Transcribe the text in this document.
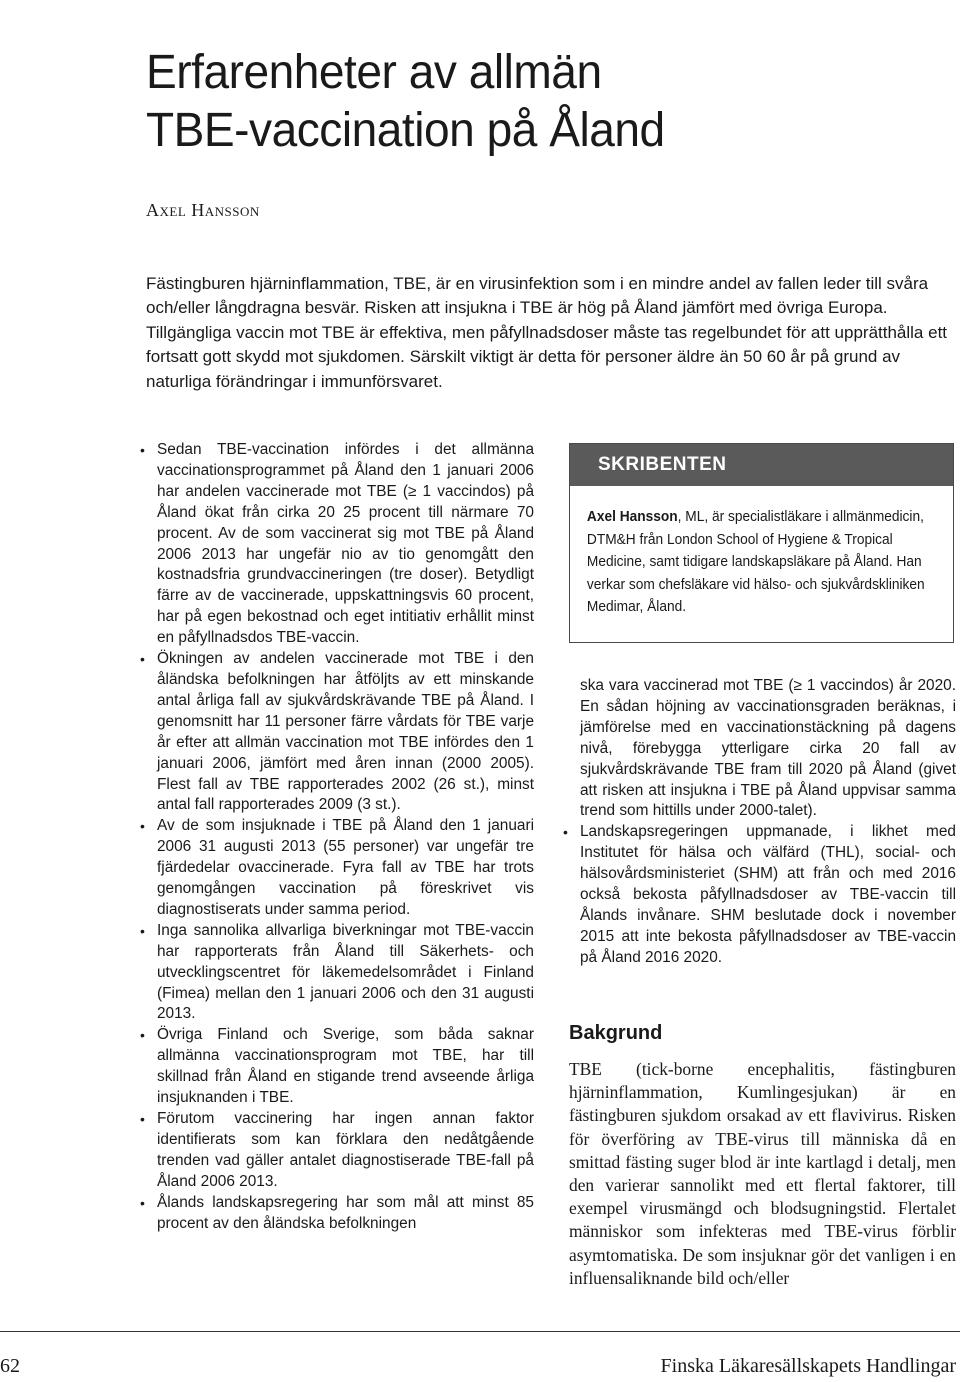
Erfarenheter av allmän
TBE-vaccination på Åland
Axel Hansson

Fästingburen hjärninflammation, TBE, är en virusinfektion som i en mindre andel av fallen leder till svåra och/eller långdragna besvär. Risken att insjukna i TBE är hög på Åland jämfört med övriga Europa. Tillgängliga vaccin mot TBE är effektiva, men påfyllnadsdoser måste tas regelbundet för att upprätthålla ett fortsatt gott skydd mot sjukdomen. Särskilt viktigt är detta för personer äldre än 50 60 år på grund av naturliga förändringar i immunförsvaret.

• Sedan TBE-vaccination infördes i det allmänna vaccinationsprogrammet på Åland den 1 januari 2006 har andelen vaccinerade mot TBE (≥ 1 vaccindos) på Åland ökat från cirka 20 25 procent till närmare 70 procent. Av de som vaccinerat sig mot TBE på Åland 2006 2013 har ungefär nio av tio genomgått den kostnadsfria grundvaccineringen (tre doser). Betydligt färre av de vaccinerade, uppskattningsvis 60 procent, har på egen bekostnad och eget intitiativ erhållit minst en påfyllnadsdos TBE-vaccin.
• Ökningen av andelen vaccinerade mot TBE i den åländska befolkningen har åtföljts av ett minskande antal årliga fall av sjukvårdskrävande TBE på Åland. I genomsnitt har 11 personer färre vårdats för TBE varje år efter att allmän vaccination mot TBE infördes den 1 januari 2006, jämfört med åren innan (2000 2005). Flest fall av TBE rapporterades 2002 (26 st.), minst antal fall rapporterades 2009 (3 st.).
• Av de som insjuknade i TBE på Åland den 1 januari 2006 31 augusti 2013 (55 personer) var ungefär tre fjärdedelar ovaccinerade. Fyra fall av TBE har trots genomgången vaccination på föreskrivet vis diagnostiserats under samma period.
• Inga sannolika allvarliga biverkningar mot TBE-vaccin har rapporterats från Åland till Säkerhets- och utvecklingscentret för läkemedelsområdet i Finland (Fimea) mellan den 1 januari 2006 och den 31 augusti 2013.
• Övriga Finland och Sverige, som båda saknar allmänna vaccinationsprogram mot TBE, har till skillnad från Åland en stigande trend avseende årliga insjuknanden i TBE.
• Förutom vaccinering har ingen annan faktor identifierats som kan förklara den nedåtgående trenden vad gäller antalet diagnostiserade TBE-fall på Åland 2006 2013.
• Ålands landskapsregering har som mål att minst 85 procent av den åländska befolkningen
SKRIBENTEN
Axel Hansson, ML, är specialistläkare i allmänmedicin, DTM&H från London School of Hygiene & Tropical Medicine, samt tidigare landskapsläkare på Åland. Han verkar som chefsläkare vid hälso- och sjukvårdskliniken Medimar, Åland.
ska vara vaccinerad mot TBE (≥ 1 vaccindos) år 2020. En sådan höjning av vaccinationsgraden beräknas, i jämförelse med en vaccinationstäckning på dagens nivå, förebygga ytterligare cirka 20 fall av sjukvårdskrävande TBE fram till 2020 på Åland (givet att risken att insjukna i TBE på Åland uppvisar samma trend som hittills under 2000-talet).
• Landskapsregeringen uppmanade, i likhet med Institutet för hälsa och välfärd (THL), social- och hälsovårdsministeriet (SHM) att från och med 2016 också bekosta påfyllnadsdoser av TBE-vaccin till Ålands invånare. SHM beslutade dock i november 2015 att inte bekosta påfyllnadsdoser av TBE-vaccin på Åland 2016 2020.
Bakgrund

TBE (tick-borne encephalitis, fästingburen hjärninflammation, Kumlingesjukan) är en fästingburen sjukdom orsakad av ett flavivirus. Risken för överföring av TBE-virus till människa då en smittad fästing suger blod är inte kartlagd i detalj, men den varierar sannolikt med ett flertal faktorer, till exempel virusmängd och blodsugningstid. Flertalet människor som infekteras med TBE-virus förblir asymtomatiska. De som insjuknar gör det vanligen i en influensaliknande bild och/eller

62	Finska Läkaresällskapets Handlingar
